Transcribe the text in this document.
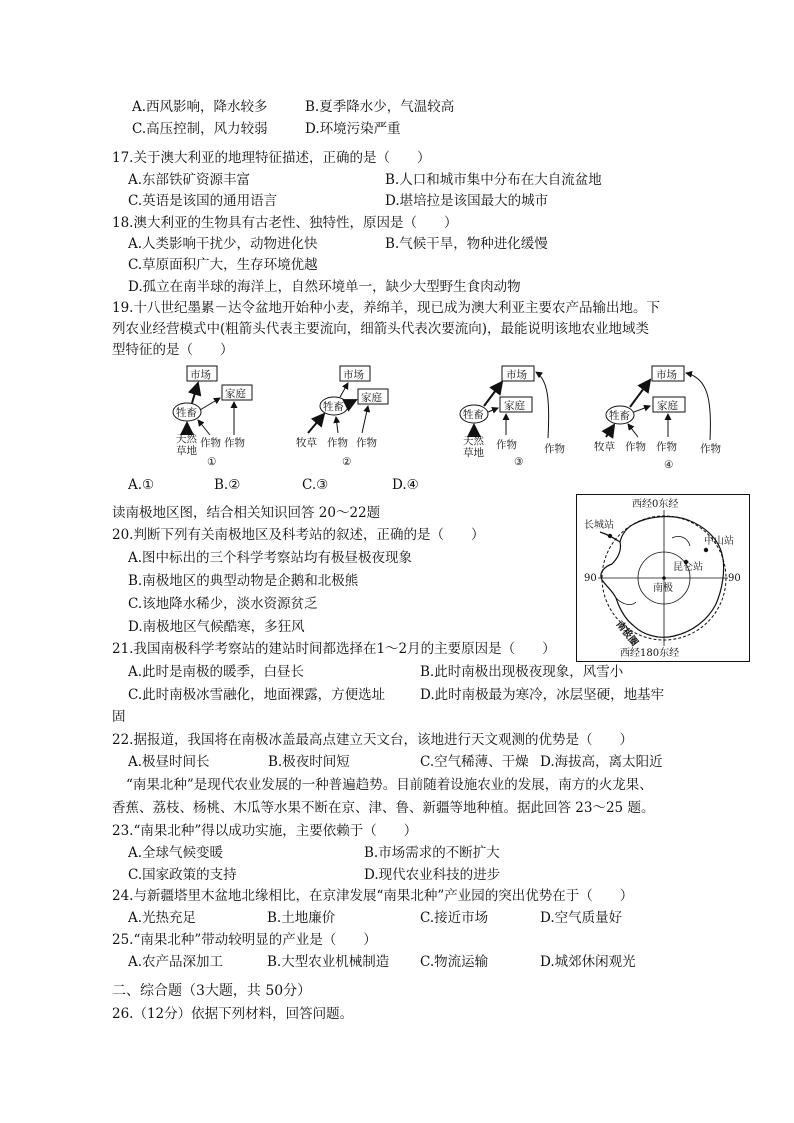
A.西风影响，降水较多	B.夏季降水少，气温较高
C.高压控制，风力较弱	D.环境污染严重
17.关于澳大利亚的地理特征描述，正确的是（　　）
A.东部铁矿资源丰富	B.人口和城市集中分布在大自流盆地
C.英语是该国的通用语言	D.堪培拉是该国最大的城市
18.澳大利亚的生物具有古老性、独特性，原因是（　　）
A.人类影响干扰少，动物进化快	B.气候干旱，物种进化缓慢
C.草原面积广大，生存环境优越
D.孤立在南半球的海洋上，自然环境单一，缺少大型野生食肉动物
19.十八世纪墨累－达令盆地开始种小麦，养绵羊，现已成为澳大利亚主要农产品输出地。下
列农业经营模式中(粗箭头代表主要流向，细箭头代表次要流向)，最能说明该地农业地域类
型特征的是（　　）
市场
家庭
牲畜
天然
草地
作物 作物
①
市场
家庭
牲畜
牧草 作物 作物
②
市场
家庭
牲畜
天然
草地
作物	作物
③
市场
家庭
牲畜
牧草 作物 作物 作物
④
A.①	B.②	C.③	D.④
西经0东经
西经180东经
90	90
长城站
中山站
昆仑站
南极
南极圈
读南极地区图，结合相关知识回答 20～22题
20.判断下列有关南极地区及科考站的叙述，正确的是（　　）
A.图中标出的三个科学考察站均有极昼极夜现象
B.南极地区的典型动物是企鹅和北极熊
C.该地降水稀少，淡水资源贫乏
D.南极地区气候酷寒，多狂风
21.我国南极科学考察站的建站时间都选择在1～2月的主要原因是（　　）
A.此时是南极的暖季，白昼长	B.此时南极出现极夜现象，风雪小
C.此时南极冰雪融化，地面裸露，方便选址	D.此时南极最为寒冷，冰层坚硬，地基牢
固
22.据报道，我国将在南极冰盖最高点建立天文台，该地进行天文观测的优势是（　　）
A.极昼时间长	B.极夜时间短	C.空气稀薄、干燥 D.海拔高，离太阳近
“南果北种”是现代农业发展的一种普遍趋势。目前随着设施农业的发展，南方的火龙果、
香蕉、荔枝、杨桃、木瓜等水果不断在京、津、鲁、新疆等地种植。据此回答 23～25 题。
23.“南果北种”得以成功实施，主要依赖于（　　）
A.全球气候变暖	B.市场需求的不断扩大
C.国家政策的支持	D.现代农业科技的进步
24.与新疆塔里木盆地北缘相比，在京津发展“南果北种”产业园的突出优势在于（　　）
A.光热充足	B.土地廉价	C.接近市场	D.空气质量好
25.“南果北种”带动较明显的产业是（　　）
A.农产品深加工	B.大型农业机械制造 C.物流运输	D.城郊休闲观光
二、综合题（3大题，共 50分）
26.（12分）依据下列材料，回答问题。
